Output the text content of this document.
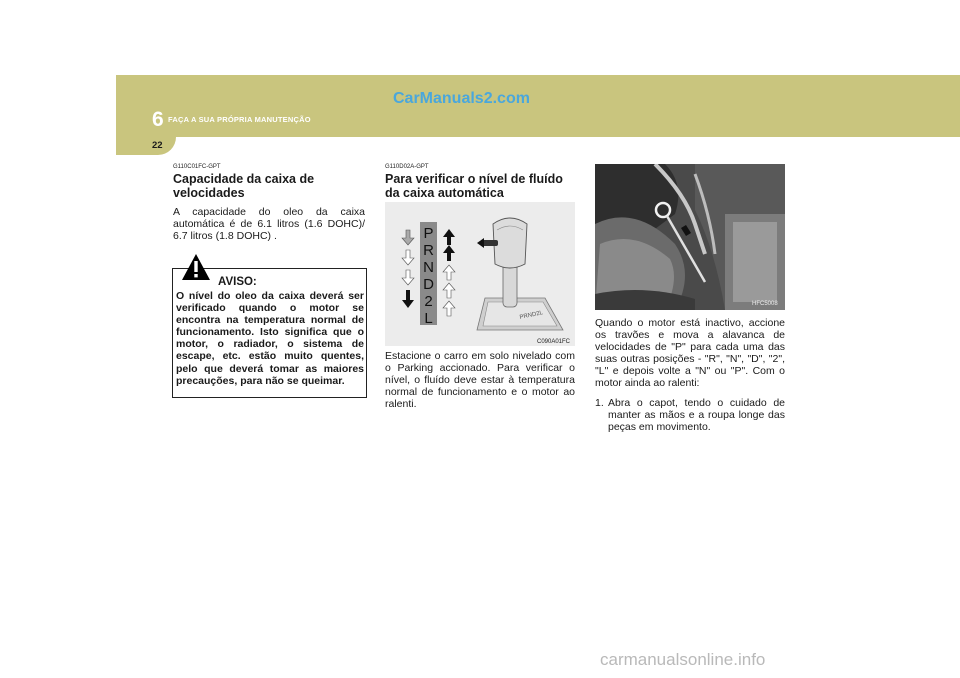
6 FAÇA A SUA PRÓPRIA MANUTENÇÃO
22
CarManuals2.com
G110C01FC-GPT
Capacidade da caixa de velocidades

A capacidade do oleo da caixa automática é de 6.1 litros (1.6 DOHC)/ 6.7 litros (1.8 DOHC) .

AVISO:
O nível do oleo da caixa deverá ser verificado quando o motor se encontra na temperatura normal de funcionamento. Isto significa que o motor, o radiador, o sistema de escape, etc. estão muito quentes, pelo que deverá tomar as maiores precauções, para não se queimar.
G110D02A-GPT
Para verificar o nível de fluído da caixa automática
P
R
N
D
2
L	PRND2L
C090A01FC

Estacione o carro em solo nivelado com o Parking accionado. Para verificar o nível, o fluído deve estar à temperatura normal de funcionamento e o motor ao ralenti.

HFC5008

Quando o motor está inactivo, accione os travões e mova a alavanca de velocidades de "P" para cada uma das suas outras posições - "R", "N", "D", "2", "L" e depois volte a "N" ou "P". Com o motor ainda ao ralenti:

1. Abra o capot, tendo o cuidado de manter as mãos e a roupa longe das peças em movimento.
carmanualsonline.info
